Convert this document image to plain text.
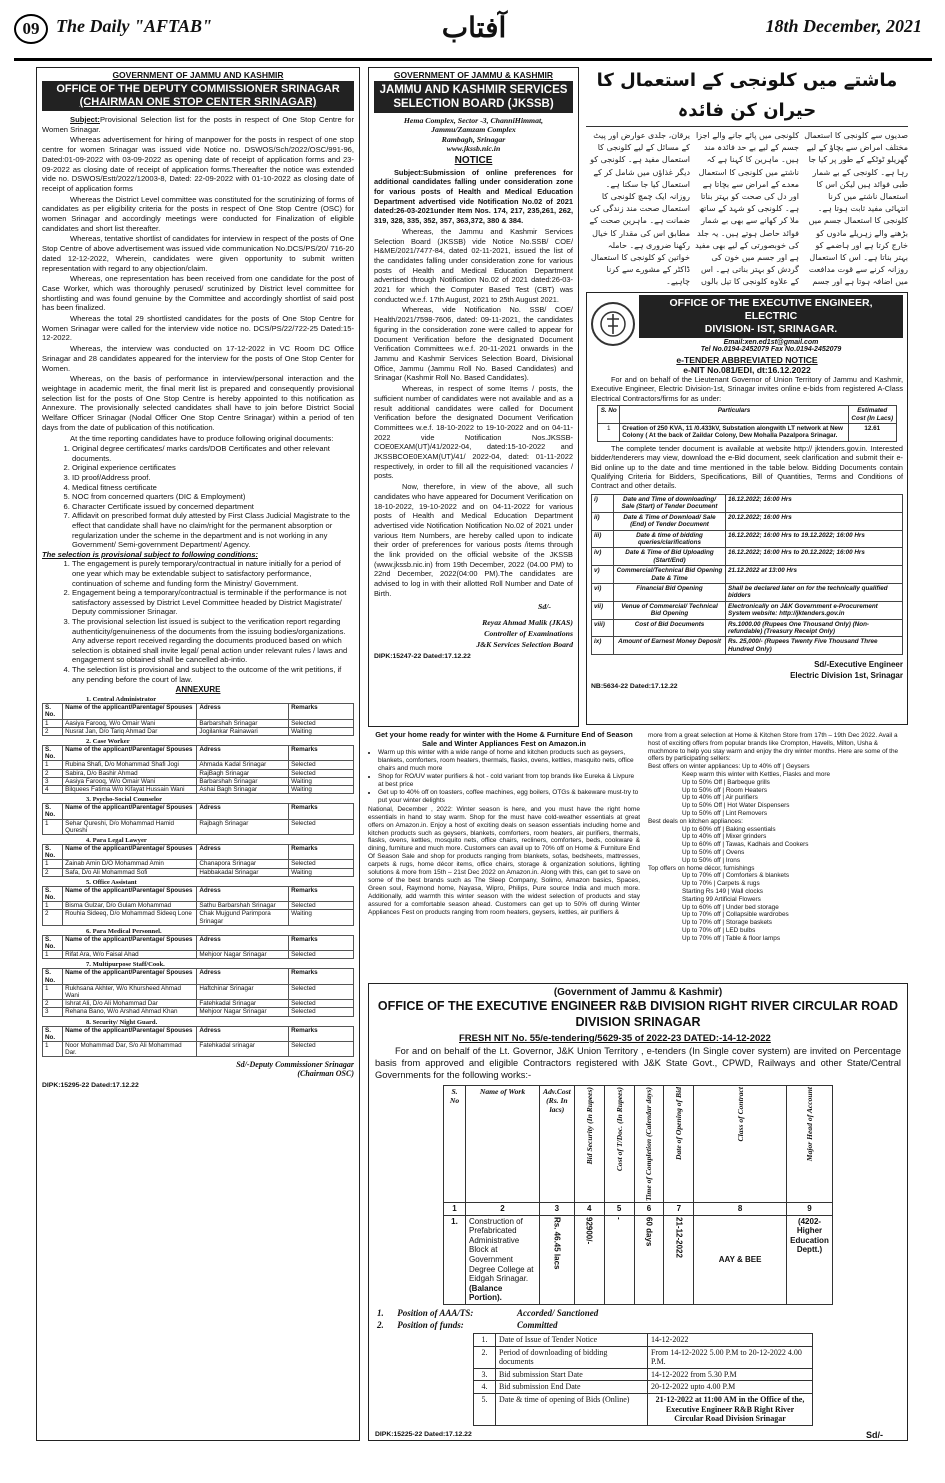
09 The Daily "AFTAB"	آفتاب	18th December, 2021
GOVERNMENT OF JAMMU AND KASHMIR
OFFICE OF THE DEPUTY COMMISSIONER SRINAGAR
(CHAIRMAN ONE STOP CENTER SRINAGAR)

Subject:Provisional Selection list for the posts in respect of One Stop Centre for Women Srinagar.

Whereas advertisement for hiring of manpower for the posts in respect of one stop centre for women Srinagar was issued vide Notice no. DSWOS/Sch/2022/OSC/991-96, Dated:01-09-2022 with 03-09-2022 as opening date of receipt of application forms and 23-09-2022 as closing date of receipt of application forms.Thereafter the notice was extended vide no. DSWOS/Estt/2022/12003-8, Dated: 22-09-2022 with 01-10-2022 as closing date of receipt of application forms

Whereas the District Level committee was constituted for the scrutinizing of forms of candidates as per eligibility criteria for the posts in respect of One Stop Centre (OSC) for women Srinagar and accordingly meetings were conducted for Finalization of eligible candidates and short list thereafter.

Whereas, tentative shortlist of candidates for interview in respect of the posts of One Stop Centre of above advertisement was issued vide communication No.DCS/PS/20/ 716-20 dated 12-12-2022, Wherein, candidates were given opportunity to submit written representation with regard to any objection/claim.

Whereas, one representation has been received from one candidate for the post of Case Worker, which was thoroughly perused/ scrutinized by District level committee for shortlisting and was found genuine by the Committee and accordingly shortlist of said post has been finalized.

Whereas the total 29 shortlisted candidates for the posts of One Stop Centre for Women Srinagar were called for the interview vide notice no. DCS/PS/22/722-25 Dated:15-12-2022.

Whereas, the interview was conducted on 17-12-2022 in VC Room DC Office Srinagar and 28 candidates appeared for the interview for the posts of One Stop Center for Women.

Whereas, on the basis of performance in interview/personal interaction and the weightage in academic merit, the final merit list is prepared and consequently provisional selection list for the posts of One Stop Centre is hereby appointed to this notification as Annexure. The provisionally selected candidates shall have to join before District Social Welfare Officer Srinagar (Nodal Officer One Stop Centre Srinagar) within a period of ten days from the date of publication of this notification.

At the time reporting candidates have to produce following original documents:

1. Original degree certificates/ marks cards/DOB Certificates and other relevant documents.
2. Original experience certificates
3. ID proof/Address proof.
4. Medical fitness certificate
5. NOC from concerned quarters (DIC & Employment)
6. Character Certificate issued by concerned department
7. Affidavit on prescribed format duly attested by First Class Judicial Magistrate to the effect that candidate shall have no claim/right for the permanent absorption or regularization under the scheme in the department and is not working in any Government/ Semi-government Department/ Agency.
The selection is provisional subject to following conditions:
1. The engagement is purely temporary/contractual in nature initially for a period of one year which may be extendable subject to satisfactory performance, continuation of scheme and funding form the Ministry/ Government.
2. Engagement being a temporary/contractual is terminable if the performance is not satisfactory assessed by District Level Committee headed by District Magistrate/ Deputy commissioner Srinagar.
3. The provisional selection list issued is subject to the verification report regarding authenticity/genuineness of the documents from the issuing bodies/organizations. Any adverse report received regarding the documents produced based on which selection is obtained shall invite legal/ penal action under relevant rules / laws and engagement so obtained shall be cancelled ab-intio.
4. The selection list is provisional and subject to the outcome of the writ petitions, if any pending before the court of law.
ANNEXURE
1. Central Administrator
S. No.	Name of the applicant/Parentage/ Spouses	Adress	Remarks
1	Aasiya Farooq, W/o Omair Wani	Barbarshah Srinagar	Selected
2	Nusrat Jan, D/o Tariq Ahmad Dar	Jogilankar Rainawari	Waiting
2. Case Worker
S. No.	Name of the applicant/Parentage/ Spouses	Adress	Remarks
1	Rubina Shafi, D/o Mohammad Shafi Jogi	Ahmada Kadal Srinagar	Selected
2	Sabira, D/o Bashir Ahmad	RajBagh Srinagar	Selected
3	Aasiya Farooq, W/o Omair Wani	Barbarshah Srinagar	Waiting
4	Bilquees Fatima W/o Kifayat Hussain Wani	Ashai Bagh Srinagar	Waiting
3. Psycho-Social Counselor
S. No.	Name of the applicant/Parentage/ Spouses	Adress	Remarks
1	Sehar Qureshi, D/o Mohammad Hamid Qureshi	Rajbagh Srinagar	Selected
4. Para Legal Lawyer
S. No.	Name of the applicant/Parentage/ Spouses	Adress	Remarks
1	Zainab Amin D/O Mohammad Amin	Chanapora Srinagar	Selected
2	Safa, D/o Ali Mohammad Sofi	Habbakadal Srinagar	Waiting
5. Office Assistant
S. No.	Name of the applicant/Parentage/ Spouses	Adress	Remarks
1	Bisma Gulzar, D/o Gulam Mohammad	Sathu Barbarshah Srinagar	Selected
2	Rouhia Sideeq, D/o Mohammad Sideeq Lone	Chak Mujgund Parimpora Srinagar	Waiting
6. Para Medical Personnel.
S. No.	Name of the applicant/Parentage/ Spouses	Adress	Remarks
1	Rifat Ara, W/o Faisal Ahad	Mehjoor Nagar Srinagar	Selected
7. Multipurpose Staff/Cook.
S. No.	Name of the applicant/Parentage/ Spouses	Adress	Remarks
1	Rukhsana Akhter, W/o Khursheed Ahmad Wani	Haftchinar Srinagar	Selected
2	Ishrat Ali, D/o Ali Mohammad Dar	Fatehkadal Srinagar	Selected
3	Rehana Bano, W/o Arshad Ahmad Khan	Mehjoor Nagar Srinagar	Selected
8. Security/ Night Guard.
S. No.	Name of the applicant/Parentage/ Spouses	Adress	Remarks
1	Noor Mohammad Dar, S/o Ali Mohammad Dar.	Fatehkadal srinagar	Selected
Sd/-Deputy Commissioner Srinagar
(Chairman OSC)
DIPK:15295-22 Dated:17.12.22
GOVERNMENT OF JAMMU & KASHMIR
JAMMU AND KASHMIR SERVICES
SELECTION BOARD (JKSSB)
Hema Complex, Sector -3, ChanniHimmat,
Jammu/Zamzam Complex
Rambagh, Srinagar
www.jkssb.nic.in
NOTICE

Subject:Submission of online preferences for additional candidates falling under consideration zone for various posts of Health and Medical Education Department advertised vide Notification No.02 of 2021 dated:26-03-2021under Item Nos. 174, 217, 235,261, 262, 319, 328, 335, 352, 357, 363,372, 380 & 384.

Whereas, the Jammu and Kashmir Services Selection Board (JKSSB) vide Notice No.SSB/ COE/ H&ME/2021/7477-84, dated 02-11-2021, issued the list of the candidates falling under consideration zone for various posts of Health and Medical Education Department advertised through Notification No.02 of 2021 dated:26-03-2021 for which the Computer Based Test (CBT) was conducted w.e.f. 17th August, 2021 to 25th August 2021.

Whereas, vide Notification No. SSB/ COE/ Health/2021/7598-7606, dated: 09-11-2021, the candidates figuring in the consideration zone were called to appear for Document Verification before the designated Document Verification Committees w.e.f. 20-11-2021 onwards in the Jammu and Kashmir Services Selection Board, Divisional Office, Jammu (Jammu Roll No. Based Candidates) and Srinagar (Kashmir Roll No. Based Candidates).

Whereas, in respect of some Items / posts, the sufficient number of candidates were not available and as a result additional candidates were called for Document Verification before the designated Document Verification Committees w.e.f. 18-10-2022 to 19-10-2022 and on 04-11-2022 vide Notification Nos.JKSSB-COE0EXAM(UT)/41/2022-04, dated:15-10-2022 and JKSSBCOE0EXAM(UT)/41/ 2022-04, dated: 01-11-2022 respectively, in order to fill all the requisitioned vacancies / posts.

Now, therefore, in view of the above, all such candidates who have appeared for Document Verification on 18-10-2022, 19-10-2022 and on 04-11-2022 for various posts of Health and Medical Education Department advertised vide Notification Notification No.02 of 2021 under various Item Numbers, are hereby called upon to indicate their order of preferences for various posts /items through the link provided on the official website of the JKSSB (www.jkssb.nic.in) from 19th December, 2022 (04.00 PM) to 22nd December, 2022(04:00 PM).The candidates are advised to log in with their allotted Roll Number and Date of Birth.

Sd/-
Reyaz Ahmad Malik (JKAS)
Controller of Examinations
J&K Services Selection Board
DIPK:15247-22 Dated:17.12.22
ماشتے میں کلونجی کے استعمال کا حیران کن فائدہ
صدیوں سے کلونجی کا استعمال مختلف امراض سے بچاؤ کے لیے گھریلو ٹوٹکے کے طور پر کیا جا رہا ہے۔ کلونجی کے بے شمار طبی فوائد ہیں لیکن اس کا استعمال ناشتے میں کرنا انتہائی مفید ثابت ہوتا ہے۔ کلونجی کا استعمال جسم میں بڑھنے والے زہریلے مادوں کو خارج کرتا ہے اور ہاضمے کو بہتر بناتا ہے۔ اس کا استعمال روزانہ کرنے سے قوت مدافعت میں اضافہ ہوتا ہے اور جسم
کلونجی میں پائے جانے والے اجزا جسم کے لیے بے حد فائدہ مند ہیں۔ ماہرین کا کہنا ہے کہ ناشتے میں کلونجی کا استعمال معدے کے امراض سے بچاتا ہے اور دل کی صحت کو بہتر بناتا ہے۔ کلونجی کو شہد کے ساتھ ملا کر کھانے سے بھی بے شمار فوائد حاصل ہوتے ہیں۔ یہ جلد کی خوبصورتی کے لیے بھی مفید ہے اور جسم میں خون کی گردش کو بہتر بناتی ہے۔ اس کے علاوہ کلونجی کا تیل بالوں
یرقان، جلدی عوارض اور پیٹ کے مسائل کے لیے کلونجی کا استعمال مفید ہے۔ کلونجی کو دیگر غذاؤں میں شامل کر کے استعمال کیا جا سکتا ہے۔ روزانہ ایک چمچ کلونجی کا استعمال صحت مند زندگی کی ضمانت ہے۔ ماہرین صحت کے مطابق اس کی مقدار کا خیال رکھنا ضروری ہے۔ حاملہ خواتین کو کلونجی کا استعمال ڈاکٹر کے مشورے سے کرنا چاہیے۔
OFFICE OF THE EXECUTIVE ENGINEER, ELECTRIC
DIVISION- IST, SRINAGAR.
Email:xen.ed1st@gmail.com
Tel No.0194-2452079 Fax No.0194-2452079
e-TENDER ABBREVIATED NOTICE
e-NIT No.081/EDI, dt:16.12.2022
For and on behalf of the Lieutenant Governor of Union Territory of Jammu and Kashmir, Executive Engineer, Electric Division-1st, Srinagar invites online e-bids from registered A-Class Electrical Contractors/firms for as under:
S. No	Particulars	Estimated Cost (In Lacs)
1	Creation of 250 KVA, 11 /0.433kV, Substation alongwith LT network at New Colony ( At the back of Zaildar Colony, Dew Mohalla Pazalpora Srinagar.	12.61
The complete tender document is available at website http:// jktenders.gov.in. Interested bidder/tenderers may view, download the e-Bid document, seek clarification and submit their e-Bid online up to the date and time mentioned in the table below. Bidding Documents contain Qualifying Criteria for Bidders, Specifications, Bill of Quantities, Terms and Conditions of Contract and other details.
i)	Date and Time of downloading/ Sale (Start) of Tender Document	16.12.2022; 16:00 Hrs
ii)	Date & Time of Download/ Sale (End) of Tender Document	20.12.2022; 16:00 Hrs
iii)	Date & time of bidding queries/clarifications	16.12.2022; 16:00 Hrs to 19.12.2022; 16:00 Hrs
iv)	Date & Time of Bid Uploading (Start/End)	16.12.2022; 16:00 Hrs to 20.12.2022; 16:00 Hrs
v)	Commercial/Technical Bid Opening Date & Time	21.12.2022 at 13:00 Hrs
vi)	Financial Bid Opening	Shall be declared later on for the technically qualified bidders
vii)	Venue of Commercial/ Technical Bid Opening	Electronically on J&K Government e-Procurement System website: http://jktenders.gov.in
viii)	Cost of Bid Documents	Rs.1000.00 (Rupees One Thousand Only) (Non-refundable) (Treasury Receipt Only)
ix)	Amount of Earnest Money Deposit	Rs. 25,000/- (Rupees Twenty Five Thousand Three Hundred Only)
Sd/-Executive Engineer
Electric Division 1st, Srinagar
NB:5634-22 Dated:17.12.22
Get your home ready for winter with the Home & Furniture End of Season Sale and Winter Appliances Fest on Amazon.in
• Warm up this winter with a wide range of home and kitchen products such as geysers, blankets, comforters, room heaters, thermals, flasks, ovens, kettles, masquito nets, office chairs and much more
• Shop for RO/UV water purifiers & hot - cold variant from top brands like Eureka & Livpure at best price
• Get up to 40% off on toasters, coffee machines, egg boilers, OTGs & bakeware must-try to put your winter delights
National, December , 2022: Winter season is here, and you must have the right home essentials in hand to stay warm. Shop for the must have cold-weather essentials at great offers on Amazon.in. Enjoy a host of exciting deals on season essentials including home and kitchen products such as geysers, blankets, comforters, room heaters, air purifiers, thermals, flasks, ovens, kettles, mosquito nets, office chairs, recliners, comforters, beds, cookware & dining, furniture and much more. Customers can avail up to 70% off on Home & Furniture End Of Season Sale and shop for products ranging from blankets, sofas, bedsheets, mattresses, carpets & rugs, home décor items, office chairs, storage & organization solutions, lighting solutions & more from 15th – 21st Dec 2022 on Amazon.in. Along with this, can get to save on some of the best brands such as The Sleep Company, Solimo, Amazon basics, Spaces, Green soul, Raymond home, Nayasa, Wipro, Philips, Pure source India and much more. Additionally, add warmth this winter season with the widest selection of products and stay assured for a comfortable season ahead. Customers can get up to 50% off during Winter Appliances Fest on products ranging from room heaters, geysers, kettles, air purifiers &
more from a great selection at Home & Kitchen Store from 17th – 19th Dec 2022. Avail a host of exciting offers from popular brands like Crompton, Havells, Milton, Usha & muchmore to help you stay warm and enjoy the dry winter months. Here are some of the offers by participating sellers:
Best offers on winter appliances: Up to 40% off | Geysers
Keep warm this winter with Kettles, Flasks and more
Up to 50% Off | Barbeque grills
Up to 50% off | Room Heaters
Up to 40% off | Air purifiers
Up to 50% Off | Hot Water Dispensers
Up to 50% off | Lint Removers
Best deals on kitchen appliances:
Up to 60% off | Baking essentials
Up to 40% off | Mixer grinders
Up to 60% off | Tawas, Kadhais and Cookers
Up to 50% off | Ovens
Up to 50% off | Irons
Top offers on home décor, furnishings
Up to 70% off | Comforters & blankets
Up to 70% | Carpets & rugs
Starting Rs 149 | Wall clocks
Starting 99 Artificial Flowers
Up to 60% off | Under bed storage
Up to 70% off | Collapsible wardrobes
Up to 70% off | Storage baskets
Up to 70% off | LED bulbs
Up to 70% off | Table & floor lamps
(Government of Jammu & Kashmir)
OFFICE OF THE EXECUTIVE ENGINEER R&B DIVISION RIGHT RIVER CIRCULAR ROAD
DIVISION SRINAGAR
FRESH NIT No. 55/e-tendering/5629-35 of 2022-23 DATED:-14-12-2022
For and on behalf of the Lt. Governor, J&K Union Territory , e-tenders (In Single cover system) are invited on Percentage basis from approved and eligible Contractors registered with J&K State Govt., CPWD, Railways and other State/Central Governments for the following works:-
S. No	Name of Work	Adv.Cost (Rs. In lacs)	Bid Security (In Rupees)	Cost of T/Doc. (In Rupees)	Time of Completion (Calendar days)	Date of Opening of Bid	Class of Contract	Major Head of Account

1	2	3	4	5	6	7	8	9
1.	Construction of Prefabricated Administrative Block at Government Degree College at Eidgah Srinagar. (Balance Portion).	Rs. 46.45 lacs	92900/-	-	60 days	21-12-2022	AAY & BEE	(4202-Higher Education Deptt.)
1.      Position of AAA/TS:	Accorded/ Sanctioned
2.      Position of funds:	Committed
1.	Date of Issue of Tender Notice	14-12-2022
2.	Period of downloading of bidding documents	From 14-12-2022 5.00 P.M to 20-12-2022 4.00 P.M.
3.	Bid submission Start Date	14-12-2022 from 5.30 P.M
4.	Bid submission End Date	20-12-2022 upto 4.00 P.M
5.	Date & time of opening of Bids (Online)	21-12-2022 at 11:00 AM in the Office of the, Executive Engineer R&B Right River Circular Road Division Srinagar
Sd/-
DIPK:15225-22 Dated:17.12.22
